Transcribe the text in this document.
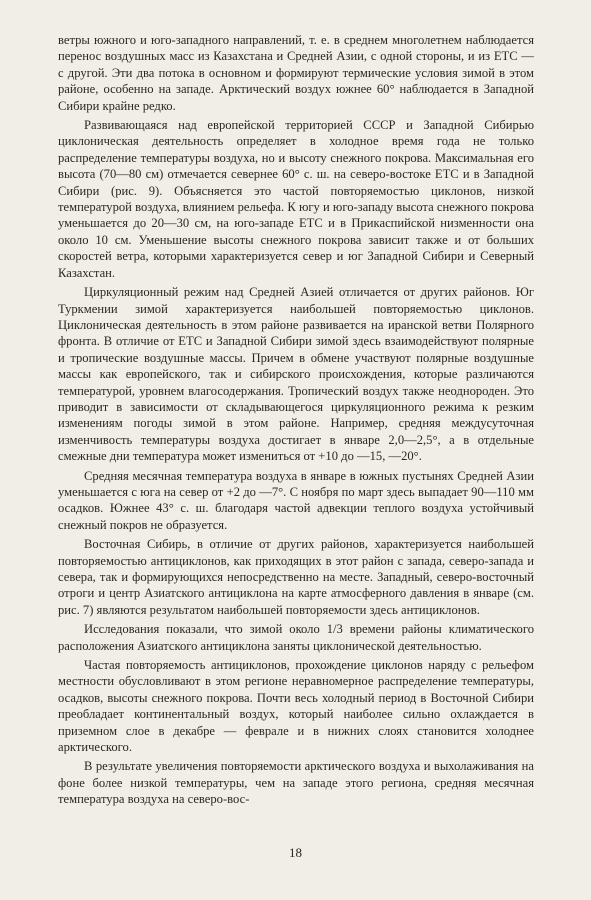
ветры южного и юго-западного направлений, т. е. в среднем многолетнем наблюдается перенос воздушных масс из Казахстана и Средней Азии, с одной стороны, и из ЕТС — с другой. Эти два потока в основном и формируют термические условия зимой в этом районе, особенно на западе. Арктический воздух южнее 60° наблюдается в Западной Сибири крайне редко.

Развивающаяся над европейской территорией СССР и Западной Сибирью циклоническая деятельность определяет в холодное время года не только распределение температуры воздуха, но и высоту снежного покрова. Максимальная его высота (70—80 см) отмечается севернее 60° с. ш. на северо-востоке ЕТС и в Западной Сибири (рис. 9). Объясняется это частой повторяемостью циклонов, низкой температурой воздуха, влиянием рельефа. К югу и юго-западу высота снежного покрова уменьшается до 20—30 см, на юго-западе ЕТС и в Прикаспийской низменности она около 10 см. Уменьшение высоты снежного покрова зависит также и от больших скоростей ветра, которыми характеризуется север и юг Западной Сибири и Северный Казахстан.

Циркуляционный режим над Средней Азией отличается от других районов. Юг Туркмении зимой характеризуется наибольшей повторяемостью циклонов. Циклоническая деятельность в этом районе развивается на иранской ветви Полярного фронта. В отличие от ЕТС и Западной Сибири зимой здесь взаимодействуют полярные и тропические воздушные массы. Причем в обмене участвуют полярные воздушные массы как европейского, так и сибирского происхождения, которые различаются температурой, уровнем влагосодержания. Тропический воздух также неоднороден. Это приводит в зависимости от складывающегося циркуляционного режима к резким изменениям погоды зимой в этом районе. Например, средняя междусуточная изменчивость температуры воздуха достигает в январе 2,0—2,5°, а в отдельные смежные дни температура может измениться от +10 до —15, —20°.

Средняя месячная температура воздуха в январе в южных пустынях Средней Азии уменьшается с юга на север от +2 до —7°. С ноября по март здесь выпадает 90—110 мм осадков. Южнее 43° с. ш. благодаря частой адвекции теплого воздуха устойчивый снежный покров не образуется.

Восточная Сибирь, в отличие от других районов, характеризуется наибольшей повторяемостью антициклонов, как приходящих в этот район с запада, северо-запада и севера, так и формирующихся непосредственно на месте. Западный, северо-восточный отроги и центр Азиатского антициклона на карте атмосферного давления в январе (см. рис. 7) являются результатом наибольшей повторяемости здесь антициклонов.

Исследования показали, что зимой около 1/3 времени районы климатического расположения Азиатского антициклона заняты циклонической деятельностью.

Частая повторяемость антициклонов, прохождение циклонов наряду с рельефом местности обусловливают в этом регионе неравномерное распределение температуры, осадков, высоты снежного покрова. Почти весь холодный период в Восточной Сибири преобладает континентальный воздух, который наиболее сильно охлаждается в приземном слое в декабре — феврале и в нижних слоях становится холоднее арктического.

В результате увеличения повторяемости арктического воздуха и выхолаживания на фоне более низкой температуры, чем на западе этого региона, средняя месячная температура воздуха на северо-вос-

18
